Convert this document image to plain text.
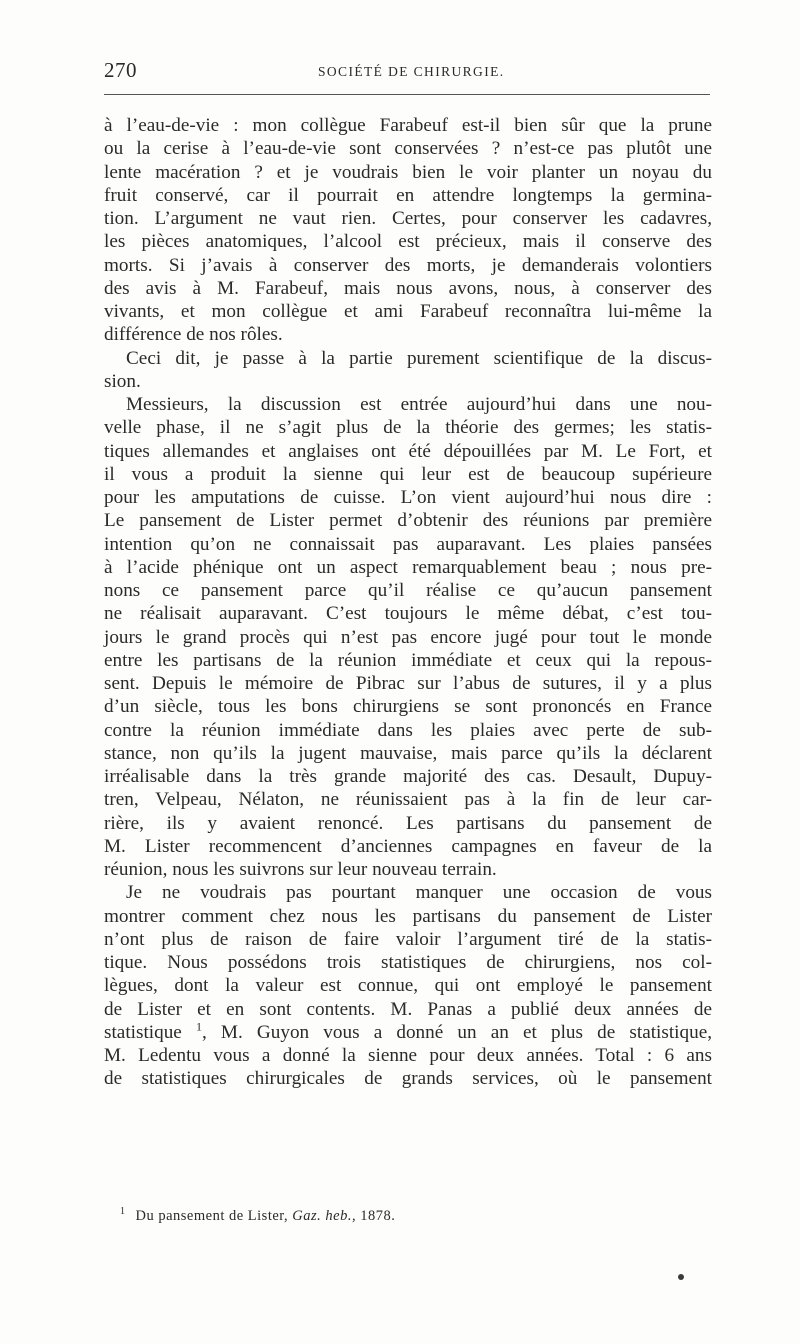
270	SOCIÉTÉ DE CHIRURGIE.
à l’eau-de-vie : mon collègue Farabeuf est-il bien sûr que la prune
ou la cerise à l’eau-de-vie sont conservées ? n’est-ce pas plutôt une
lente macération ? et je voudrais bien le voir planter un noyau du
fruit conservé, car il pourrait en attendre longtemps la germina-
tion. L’argument ne vaut rien. Certes, pour conserver les cadavres,
les pièces anatomiques, l’alcool est précieux, mais il conserve des
morts. Si j’avais à conserver des morts, je demanderais volontiers
des avis à M. Farabeuf, mais nous avons, nous, à conserver des
vivants, et mon collègue et ami Farabeuf reconnaîtra lui-même la
différence de nos rôles.
Ceci dit, je passe à la partie purement scientifique de la discus-
sion.
Messieurs, la discussion est entrée aujourd’hui dans une nou-
velle phase, il ne s’agit plus de la théorie des germes; les statis-
tiques allemandes et anglaises ont été dépouillées par M. Le Fort, et
il vous a produit la sienne qui leur est de beaucoup supérieure
pour les amputations de cuisse. L’on vient aujourd’hui nous dire :
Le pansement de Lister permet d’obtenir des réunions par première
intention qu’on ne connaissait pas auparavant. Les plaies pansées
à l’acide phénique ont un aspect remarquablement beau ; nous pre-
nons ce pansement parce qu’il réalise ce qu’aucun pansement
ne réalisait auparavant. C’est toujours le même débat, c’est tou-
jours le grand procès qui n’est pas encore jugé pour tout le monde
entre les partisans de la réunion immédiate et ceux qui la repous-
sent. Depuis le mémoire de Pibrac sur l’abus de sutures, il y a plus
d’un siècle, tous les bons chirurgiens se sont prononcés en France
contre la réunion immédiate dans les plaies avec perte de sub-
stance, non qu’ils la jugent mauvaise, mais parce qu’ils la déclarent
irréalisable dans la très grande majorité des cas. Desault, Dupuy-
tren, Velpeau, Nélaton, ne réunissaient pas à la fin de leur car-
rière, ils y avaient renoncé. Les partisans du pansement de
M. Lister recommencent d’anciennes campagnes en faveur de la
réunion, nous les suivrons sur leur nouveau terrain.
Je ne voudrais pas pourtant manquer une occasion de vous
montrer comment chez nous les partisans du pansement de Lister
n’ont plus de raison de faire valoir l’argument tiré de la statis-
tique. Nous possédons trois statistiques de chirurgiens, nos col-
lègues, dont la valeur est connue, qui ont employé le pansement
de Lister et en sont contents. M. Panas a publié deux années de
statistique $^1$, M. Guyon vous a donné un an et plus de statistique,
M. Ledentu vous a donné la sienne pour deux années. Total : 6 ans
de statistiques chirurgicales de grands services, où le pansement
$^1$ Du pansement de Lister, Gaz. heb., 1878.
